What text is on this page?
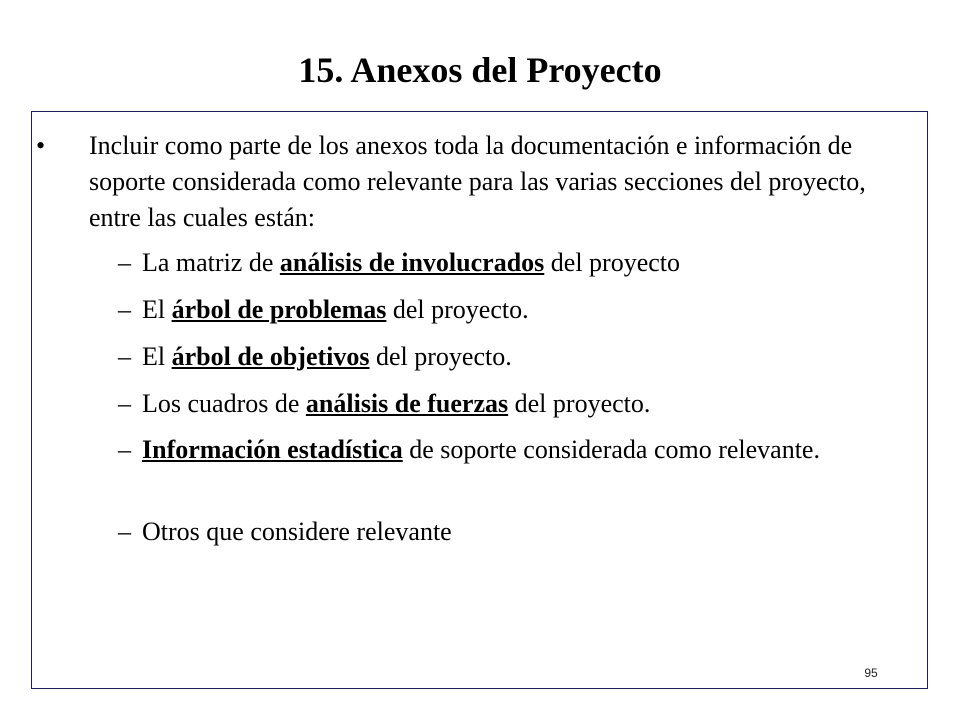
15. Anexos del Proyecto
• Incluir como parte de los anexos toda la documentación e información de soporte considerada como relevante para las varias secciones del proyecto, entre las cuales están:
– La matriz de análisis de involucrados del proyecto
– El árbol de problemas del proyecto.
– El árbol de objetivos del proyecto.
– Los cuadros de análisis de fuerzas del proyecto.
– Información estadística de soporte considerada como relevante.
– Otros que considere relevante
95
